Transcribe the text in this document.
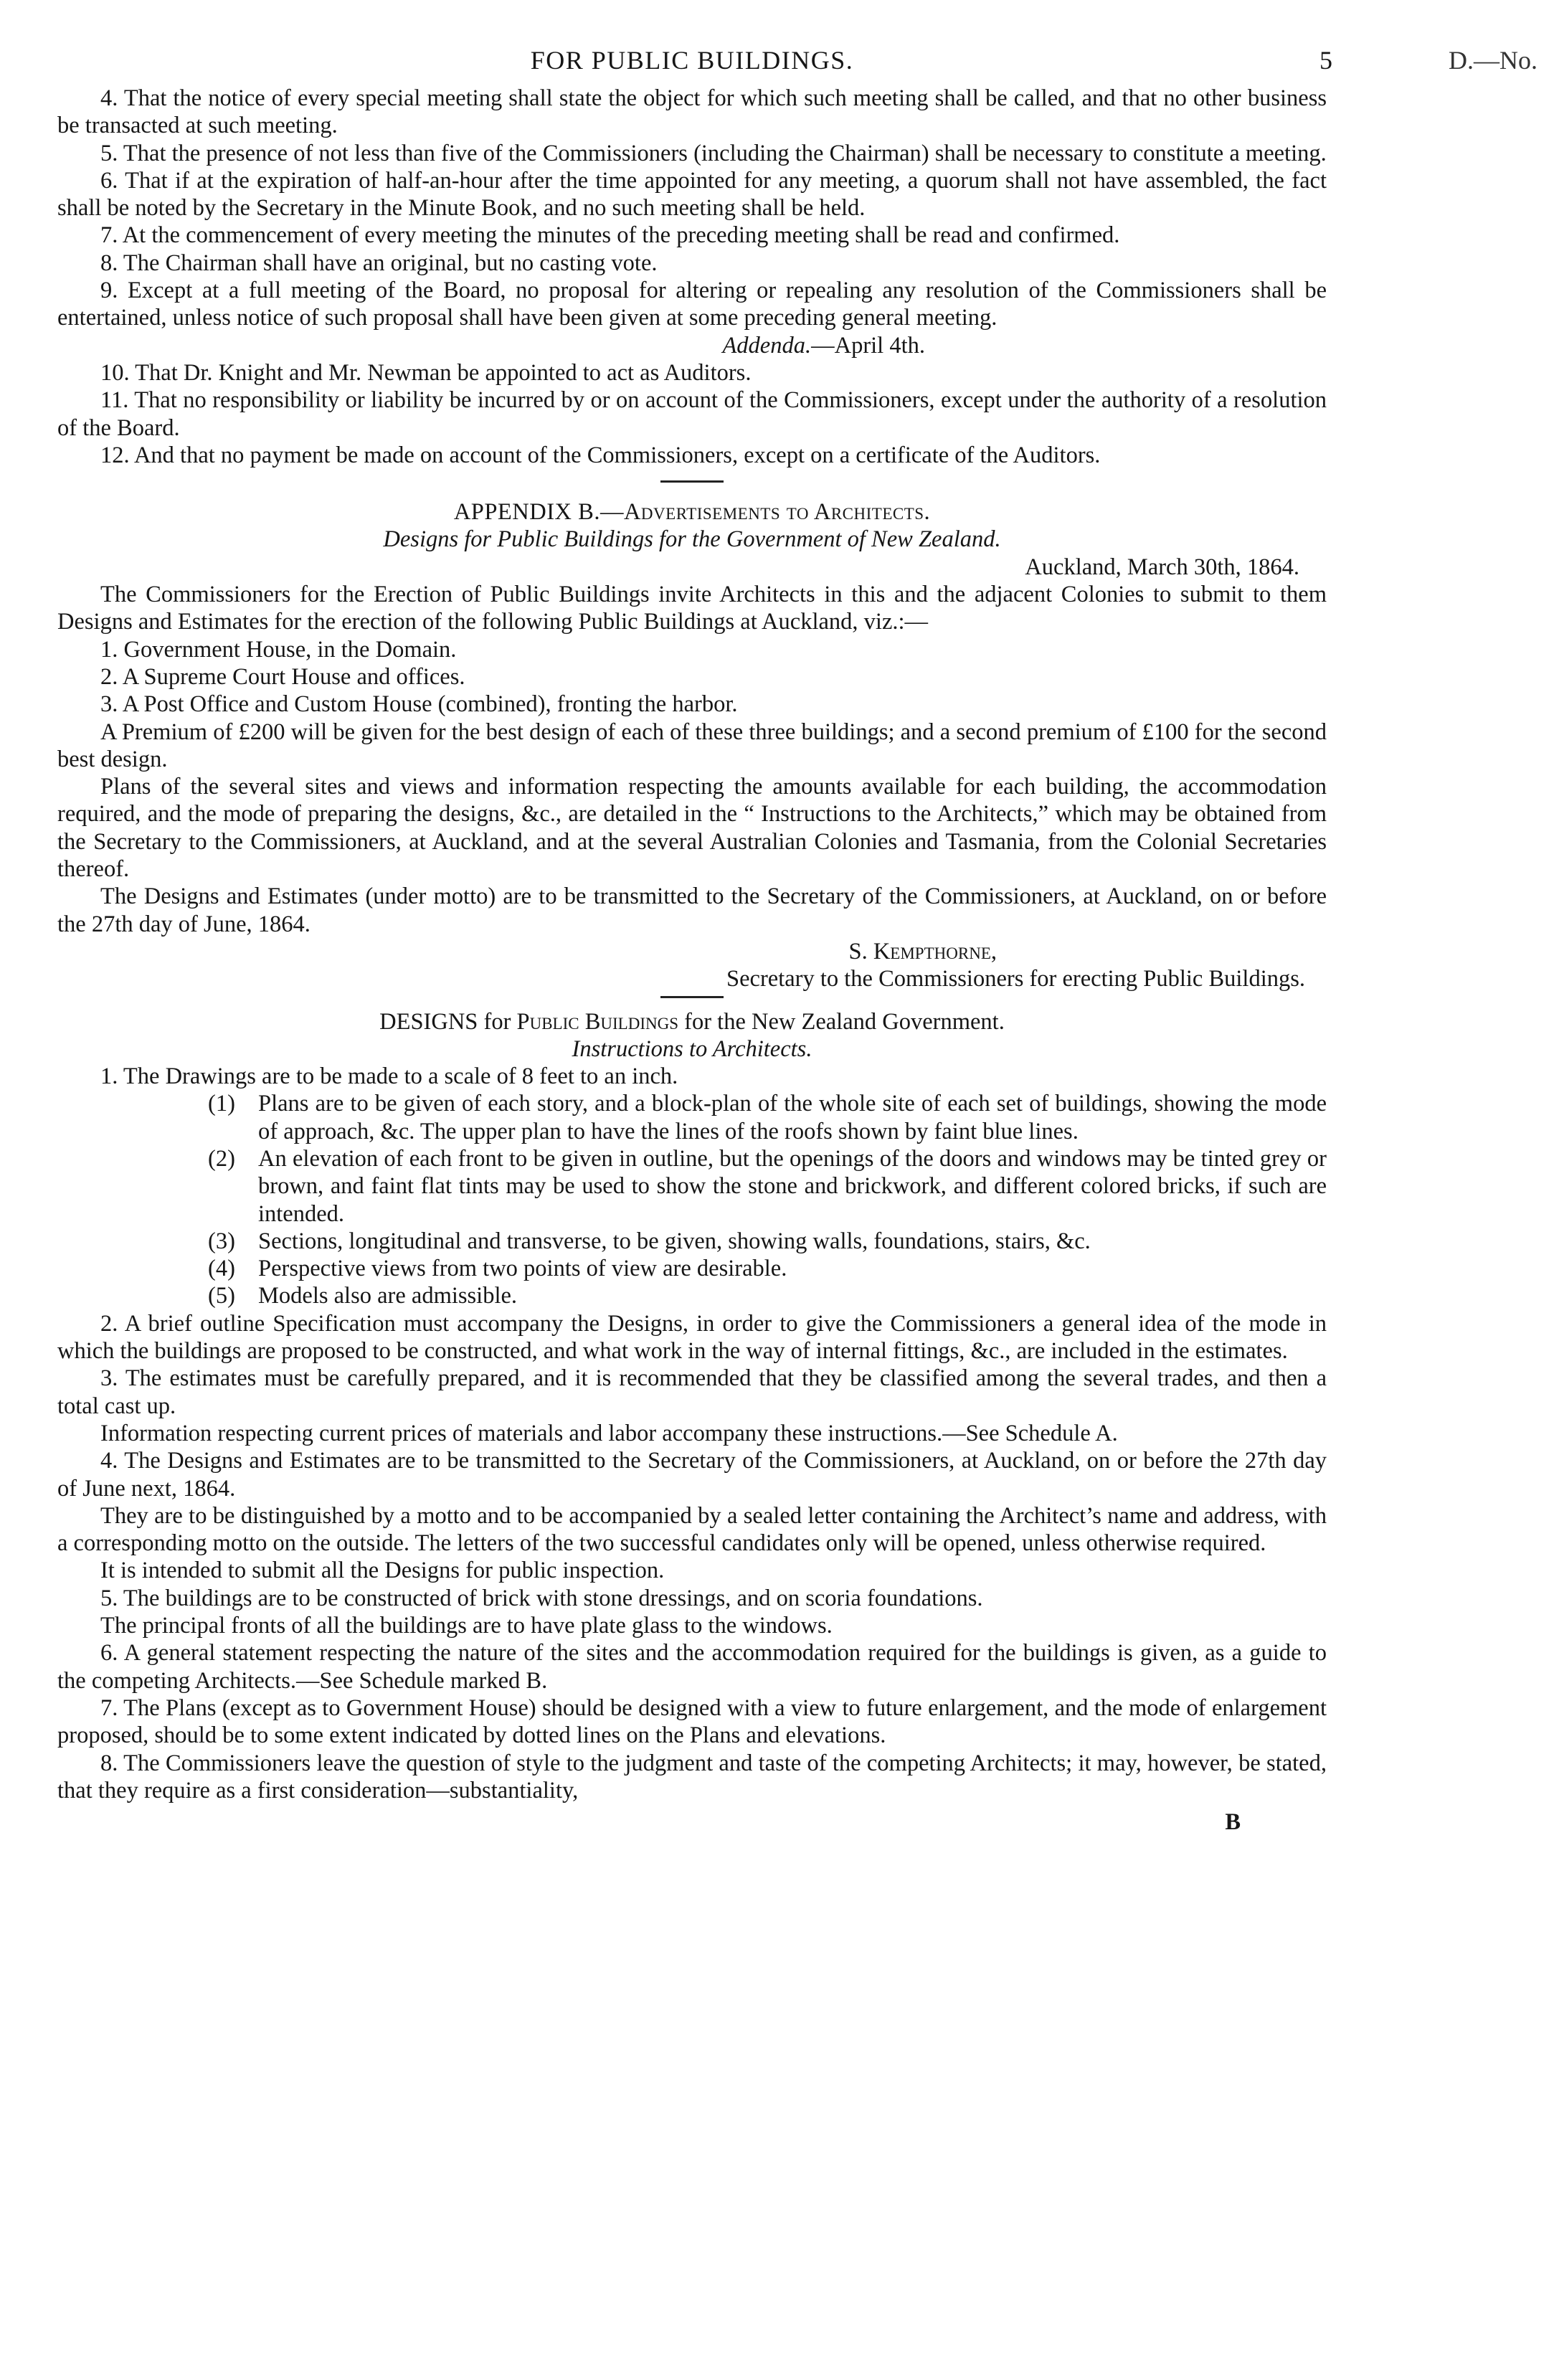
FOR PUBLIC BUILDINGS.	5	D.—No.

4. That the notice of every special meeting shall state the object for which such meeting shall be called, and that no other business be transacted at such meeting.

5. That the presence of not less than five of the Commissioners (including the Chairman) shall be necessary to constitute a meeting.

6. That if at the expiration of half-an-hour after the time appointed for any meeting, a quorum shall not have assembled, the fact shall be noted by the Secretary in the Minute Book, and no such meeting shall be held.

7. At the commencement of every meeting the minutes of the preceding meeting shall be read and confirmed.

8. The Chairman shall have an original, but no casting vote.

9. Except at a full meeting of the Board, no proposal for altering or repealing any resolution of the Commissioners shall be entertained, unless notice of such proposal shall have been given at some preceding general meeting.

Addenda.—April 4th.

10. That Dr. Knight and Mr. Newman be appointed to act as Auditors.

11. That no responsibility or liability be incurred by or on account of the Commissioners, except under the authority of a resolution of the Board.

12. And that no payment be made on account of the Commissioners, except on a certificate of the Auditors.

APPENDIX B.—Advertisements to Architects.

Designs for Public Buildings for the Government of New Zealand.

Auckland, March 30th, 1864.

The Commissioners for the Erection of Public Buildings invite Architects in this and the adjacent Colonies to submit to them Designs and Estimates for the erection of the following Public Buildings at Auckland, viz.:—

1. Government House, in the Domain.

2. A Supreme Court House and offices.

3. A Post Office and Custom House (combined), fronting the harbor.

A Premium of £200 will be given for the best design of each of these three buildings; and a second premium of £100 for the second best design.

Plans of the several sites and views and information respecting the amounts available for each building, the accommodation required, and the mode of preparing the designs, &c., are detailed in the “ Instructions to the Architects,” which may be obtained from the Secretary to the Commissioners, at Auckland, and at the several Australian Colonies and Tasmania, from the Colonial Secretaries thereof.

The Designs and Estimates (under motto) are to be transmitted to the Secretary of the Commissioners, at Auckland, on or before the 27th day of June, 1864.

S. Kempthorne,

Secretary to the Commissioners for erecting Public Buildings.

DESIGNS for Public Buildings for the New Zealand Government.

Instructions to Architects.

1. The Drawings are to be made to a scale of 8 feet to an inch.

(1) Plans are to be given of each story, and a block-plan of the whole site of each set of buildings, showing the mode of approach, &c. The upper plan to have the lines of the roofs shown by faint blue lines.
(2) An elevation of each front to be given in outline, but the openings of the doors and windows may be tinted grey or brown, and faint flat tints may be used to show the stone and brickwork, and different colored bricks, if such are intended.
(3) Sections, longitudinal and transverse, to be given, showing walls, foundations, stairs, &c.
(4) Perspective views from two points of view are desirable.
(5) Models also are admissible.

2. A brief outline Specification must accompany the Designs, in order to give the Commissioners a general idea of the mode in which the buildings are proposed to be constructed, and what work in the way of internal fittings, &c., are included in the estimates.

3. The estimates must be carefully prepared, and it is recommended that they be classified among the several trades, and then a total cast up.

Information respecting current prices of materials and labor accompany these instructions.—See Schedule A.

4. The Designs and Estimates are to be transmitted to the Secretary of the Commissioners, at Auckland, on or before the 27th day of June next, 1864.

They are to be distinguished by a motto and to be accompanied by a sealed letter containing the Architect’s name and address, with a corresponding motto on the outside. The letters of the two successful candidates only will be opened, unless otherwise required.

It is intended to submit all the Designs for public inspection.

5. The buildings are to be constructed of brick with stone dressings, and on scoria foundations.

The principal fronts of all the buildings are to have plate glass to the windows.

6. A general statement respecting the nature of the sites and the accommodation required for the buildings is given, as a guide to the competing Architects.—See Schedule marked B.

7. The Plans (except as to Government House) should be designed with a view to future enlargement, and the mode of enlargement proposed, should be to some extent indicated by dotted lines on the Plans and elevations.

8. The Commissioners leave the question of style to the judgment and taste of the competing Architects; it may, however, be stated, that they require as a first consideration—substantiality,

B
